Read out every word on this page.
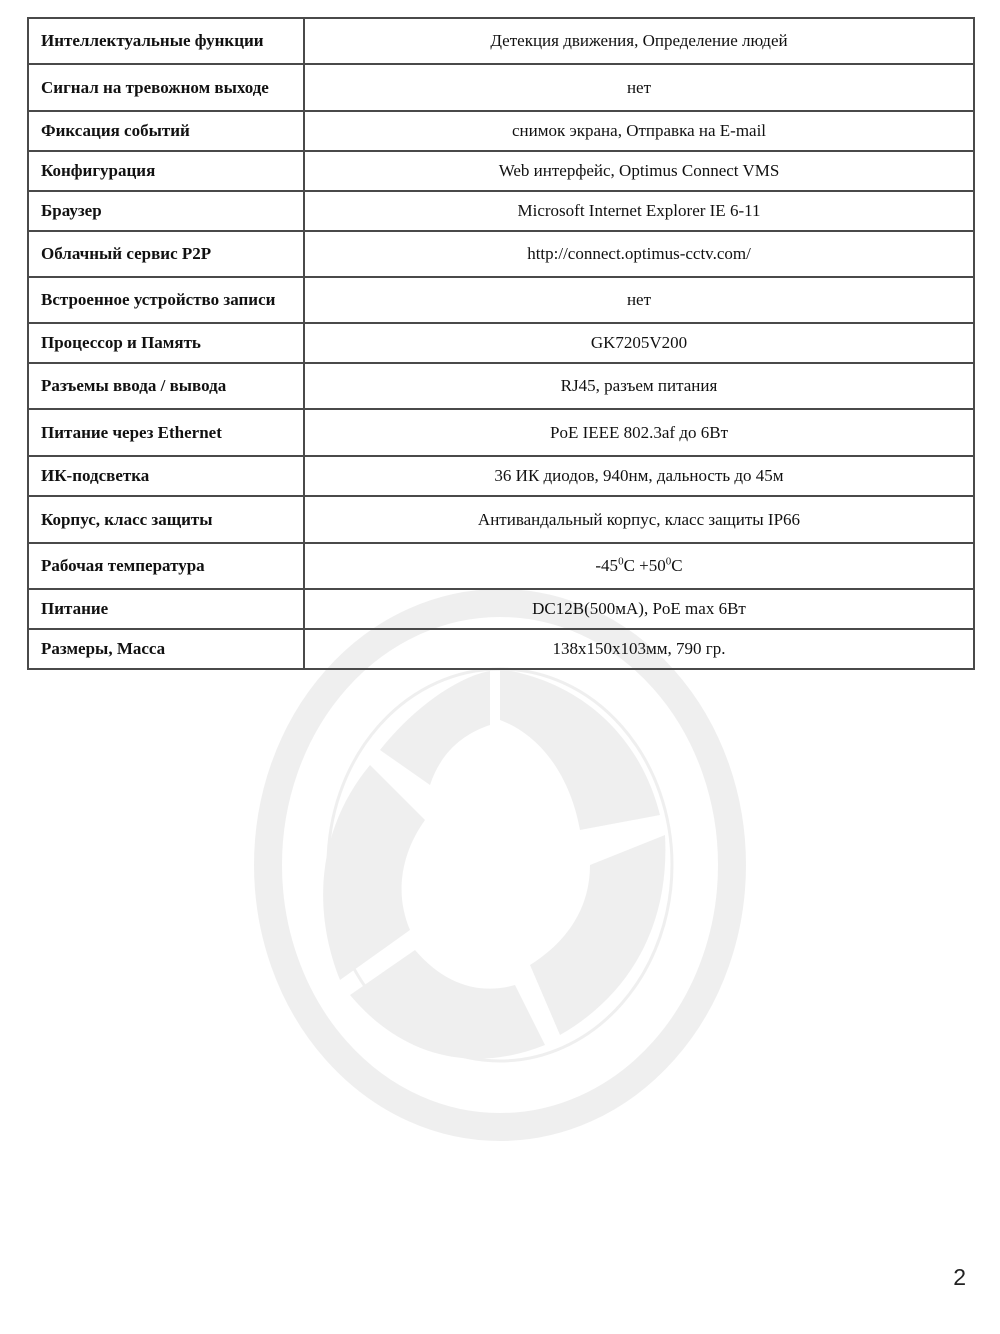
Интеллектуальные функции	Детекция движения, Определение людей
Сигнал на тревожном выходе	нет
Фиксация событий	снимок экрана, Отправка на E-mail
Конфигурация	Web интерфейс, Optimus Connect VMS
Браузер	Microsoft Internet Explorer IE 6-11
Облачный сервис P2P	http://connect.optimus-cctv.com/
Встроенное устройство записи	нет
Процессор и Память	GK7205V200
Разъемы ввода / вывода	RJ45, разъем питания
Питание через Ethernet	PoE IEEE 802.3af до 6Вт
ИК-подсветка	36 ИК диодов, 940нм, дальность до 45м
Корпус, класс защиты	Антивандальный корпус, класс защиты IP66
Рабочая температура	$-45^0C +50^0C$
Питание	DC12В(500мА), PoE max 6Вт
Размеры, Масса	138x150x103мм, 790 гр.
2
